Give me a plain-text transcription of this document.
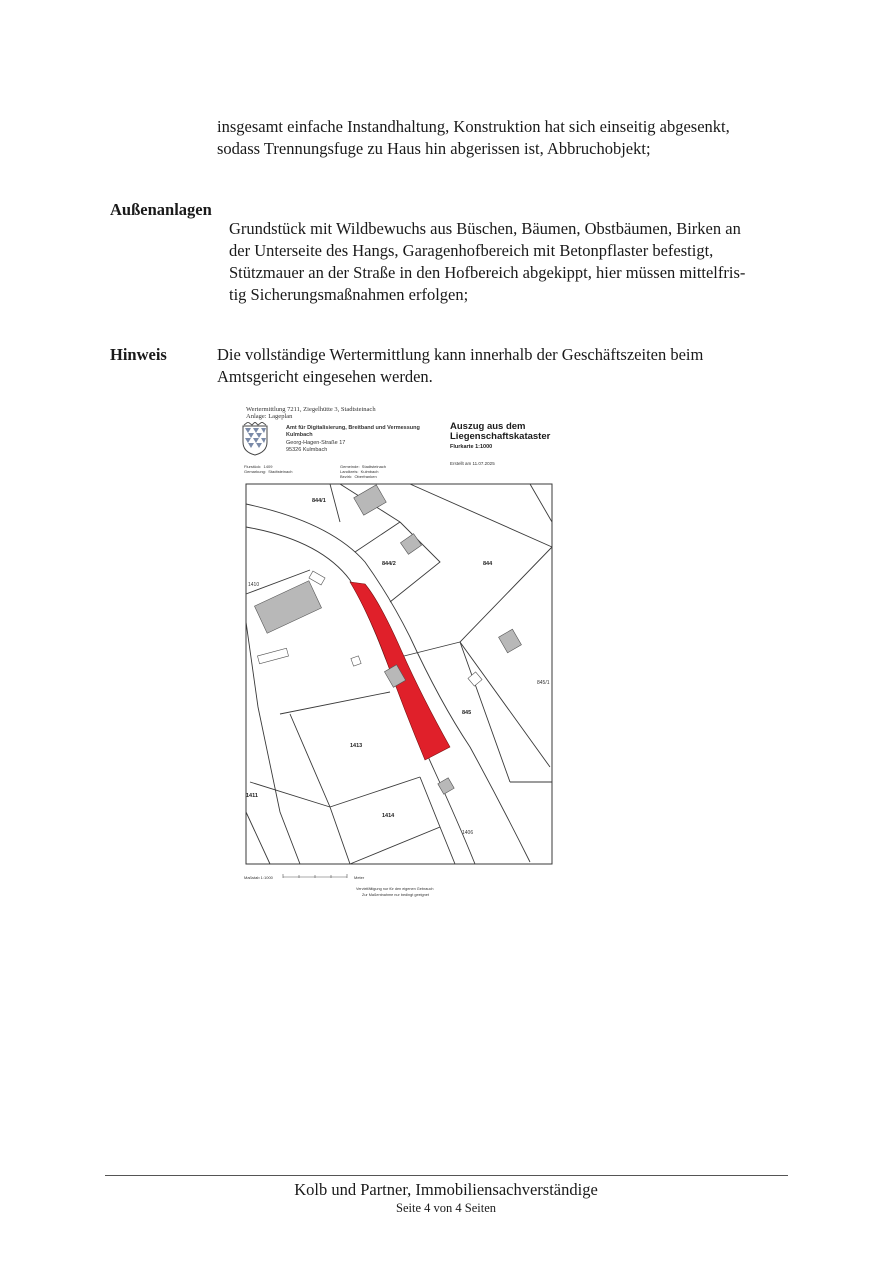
insgesamt einfache Instandhaltung, Konstruktion hat sich einseitig abgesenkt,
sodass Trennungsfuge zu Haus hin abgerissen ist, Abbruchobjekt;

Außenanlagen

Grundstück mit Wildbewuchs aus Büschen, Bäumen, Obstbäumen, Birken an
der Unterseite des Hangs, Garagenhofbereich mit Betonpflaster befestigt,
Stützmauer an der Straße in den Hofbereich abgekippt, hier müssen mittelfris-
tig Sicherungsmaßnahmen erfolgen;

Hinweis	Die vollständige Wertermittlung kann innerhalb der Geschäftszeiten beim
Amtsgericht eingesehen werden.

Wertermittlung 7211, Ziegelhütte 3, Stadtsteinach
Anlage: Lageplan
Amt für Digitalisierung, Breitband und Vermessung
Kulmbach
Georg-Hagen-Straße 17
95326 Kulmbach
Auszug aus dem
Liegenschaftskataster
Flurkarte 1:1000
Erstellt am 11.07.2025
Flurstück:  1409
Gemarkung:  Stadtsteinach
Gemeinde:  Stadtsteinach
Landkreis:  Kulmbach
Bezirk:  Oberfranken
844/1
844/2	844
1413
1414
1411
845
1410
845/1
1406
Maßstab 1:1000	Meter
Vervielfältigung nur für den eigenen Gebrauch
Zur Maßentnahme nur bedingt geeignet
Kolb und Partner, Immobiliensachverständige
Seite 4 von 4 Seiten
